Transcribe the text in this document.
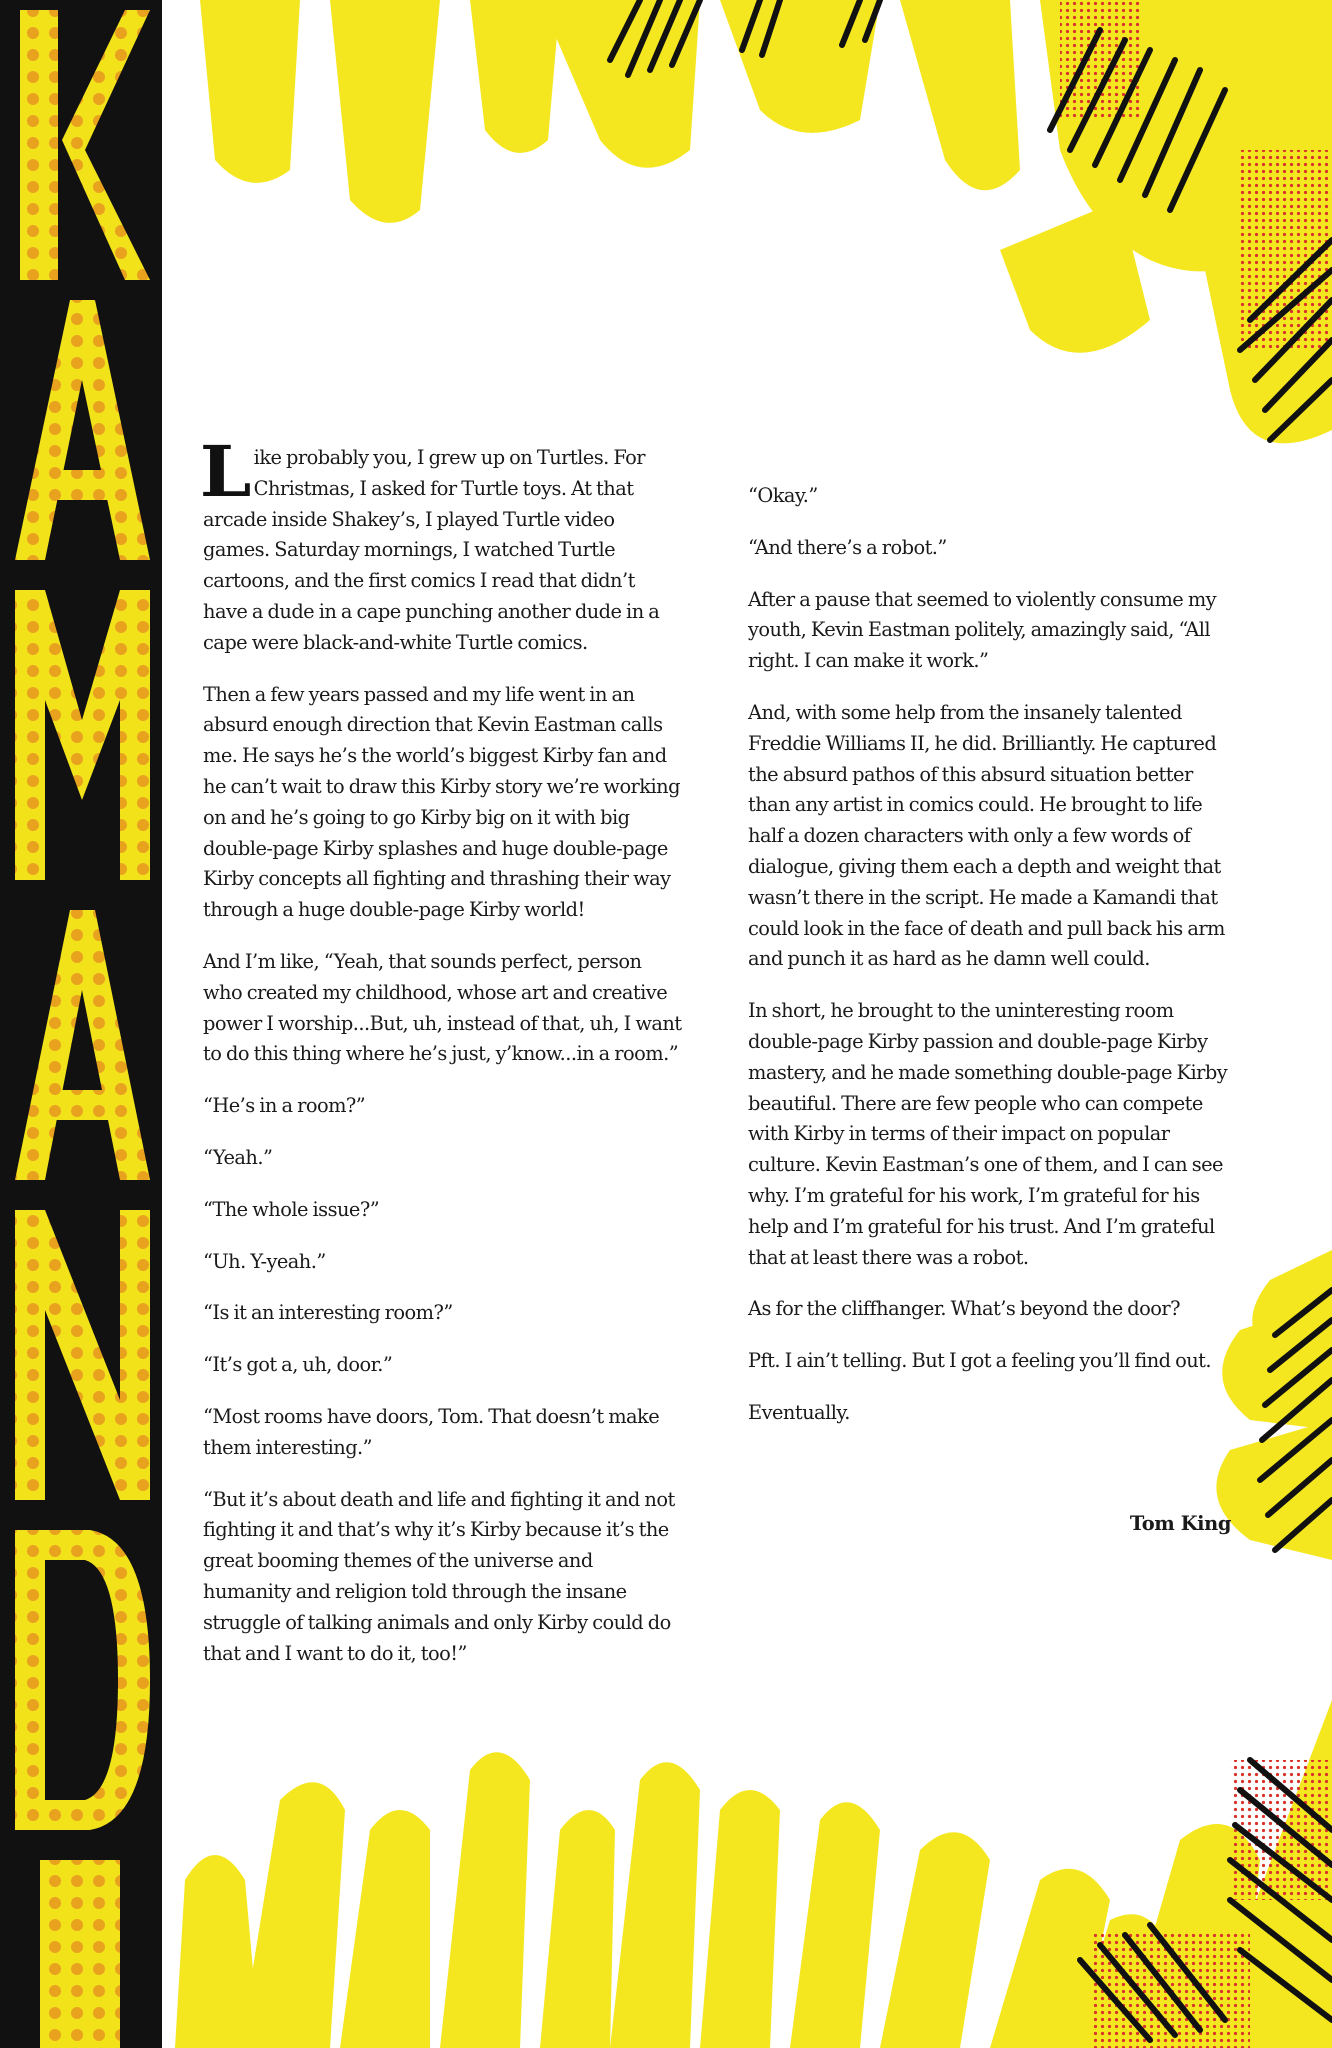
Like probably you, I grew up on Turtles. For Christmas, I asked for Turtle toys. At that arcade inside Shakey’s, I played Turtle video games. Saturday mornings, I watched Turtle cartoons, and the first comics I read that didn’t have a dude in a cape punching another dude in a cape were black-and-white Turtle comics.

Then a few years passed and my life went in an absurd enough direction that Kevin Eastman calls me. He says he’s the world’s biggest Kirby fan and he can’t wait to draw this Kirby story we’re working on and he’s going to go Kirby big on it with big double-page Kirby splashes and huge double-page Kirby concepts all fighting and thrashing their way through a huge double-page Kirby world!

And I’m like, “Yeah, that sounds perfect, person who created my childhood, whose art and creative power I worship...But, uh, instead of that, uh, I want to do this thing where he’s just, y’know...in a room.”

“He’s in a room?”

“Yeah.”

“The whole issue?”

“Uh. Y-yeah.”

“Is it an interesting room?”

“It’s got a, uh, door.”

“Most rooms have doors, Tom. That doesn’t make them interesting.”

“But it’s about death and life and fighting it and not fighting it and that’s why it’s Kirby because it’s the great booming themes of the universe and humanity and religion told through the insane struggle of talking animals and only Kirby could do that and I want to do it, too!”

“Okay.”

“And there’s a robot.”

After a pause that seemed to violently consume my youth, Kevin Eastman politely, amazingly said, “All right. I can make it work.”

And, with some help from the insanely talented Freddie Williams II, he did. Brilliantly. He captured the absurd pathos of this absurd situation better than any artist in comics could. He brought to life half a dozen characters with only a few words of dialogue, giving them each a depth and weight that wasn’t there in the script. He made a Kamandi that could look in the face of death and pull back his arm and punch it as hard as he damn well could.

In short, he brought to the uninteresting room double-page Kirby passion and double-page Kirby mastery, and he made something double-page Kirby beautiful. There are few people who can compete with Kirby in terms of their impact on popular culture. Kevin Eastman’s one of them, and I can see why. I’m grateful for his work, I’m grateful for his help and I’m grateful for his trust. And I’m grateful that at least there was a robot.

As for the cliffhanger. What’s beyond the door?

Pft. I ain’t telling. But I got a feeling you’ll find out.

Eventually.

Tom King
